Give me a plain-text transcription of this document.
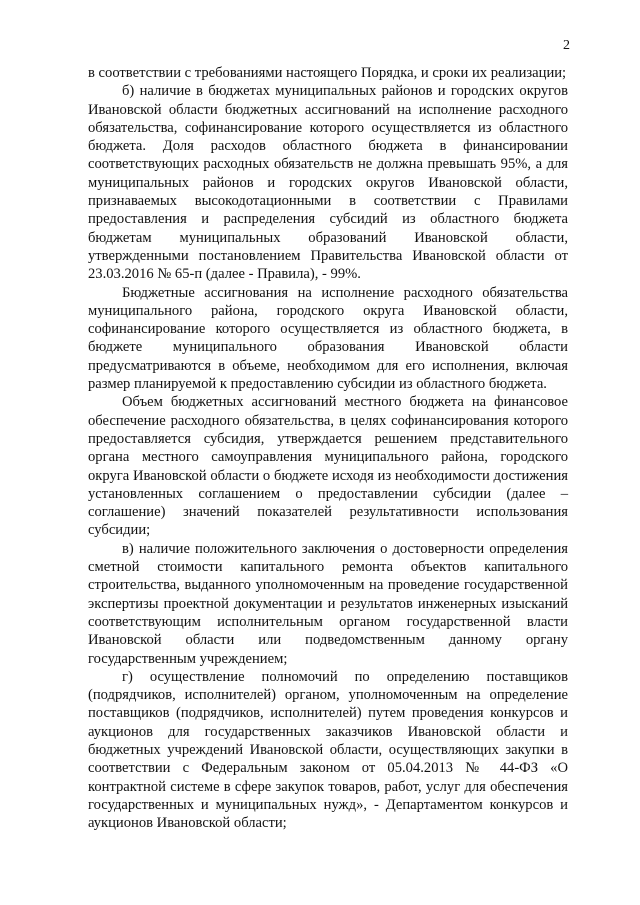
2

в соответствии с требованиями настоящего Порядка, и сроки их реализации;

б) наличие в бюджетах муниципальных районов и городских округов Ивановской области бюджетных ассигнований на исполнение расходного обязательства, софинансирование которого осуществляется из областного бюджета. Доля расходов областного бюджета в финансировании соответствующих расходных обязательств не должна превышать 95%, а для муниципальных районов и городских округов Ивановской области, признаваемых высокодотационными в соответствии с Правилами предоставления и распределения субсидий из областного бюджета бюджетам муниципальных образований Ивановской области, утвержденными постановлением Правительства Ивановской области от 23.03.2016 № 65-п (далее - Правила), - 99%.

Бюджетные ассигнования на исполнение расходного обязательства муниципального района, городского округа Ивановской области, софинансирование которого осуществляется из областного бюджета, в бюджете муниципального образования Ивановской области предусматриваются в объеме, необходимом для его исполнения, включая размер планируемой к предоставлению субсидии из областного бюджета.

Объем бюджетных ассигнований местного бюджета на финансовое обеспечение расходного обязательства, в целях софинансирования которого предоставляется субсидия, утверждается решением представительного органа местного самоуправления муниципального района, городского округа Ивановской области о бюджете исходя из необходимости достижения установленных соглашением о предоставлении субсидии (далее – соглашение) значений показателей результативности использования субсидии;

в) наличие положительного заключения о достоверности определения сметной стоимости капитального ремонта объектов капитального строительства, выданного уполномоченным на проведение государственной экспертизы проектной документации и результатов инженерных изысканий соответствующим исполнительным органом государственной власти Ивановской области или подведомственным данному органу государственным учреждением;

г) осуществление полномочий по определению поставщиков (подрядчиков, исполнителей) органом, уполномоченным на определение поставщиков (подрядчиков, исполнителей) путем проведения конкурсов и аукционов для государственных заказчиков Ивановской области и бюджетных учреждений Ивановской области, осуществляющих закупки в соответствии с Федеральным законом от 05.04.2013 № 44-ФЗ «О контрактной системе в сфере закупок товаров, работ, услуг для обеспечения государственных и муниципальных нужд», - Департаментом конкурсов и аукционов Ивановской области;
